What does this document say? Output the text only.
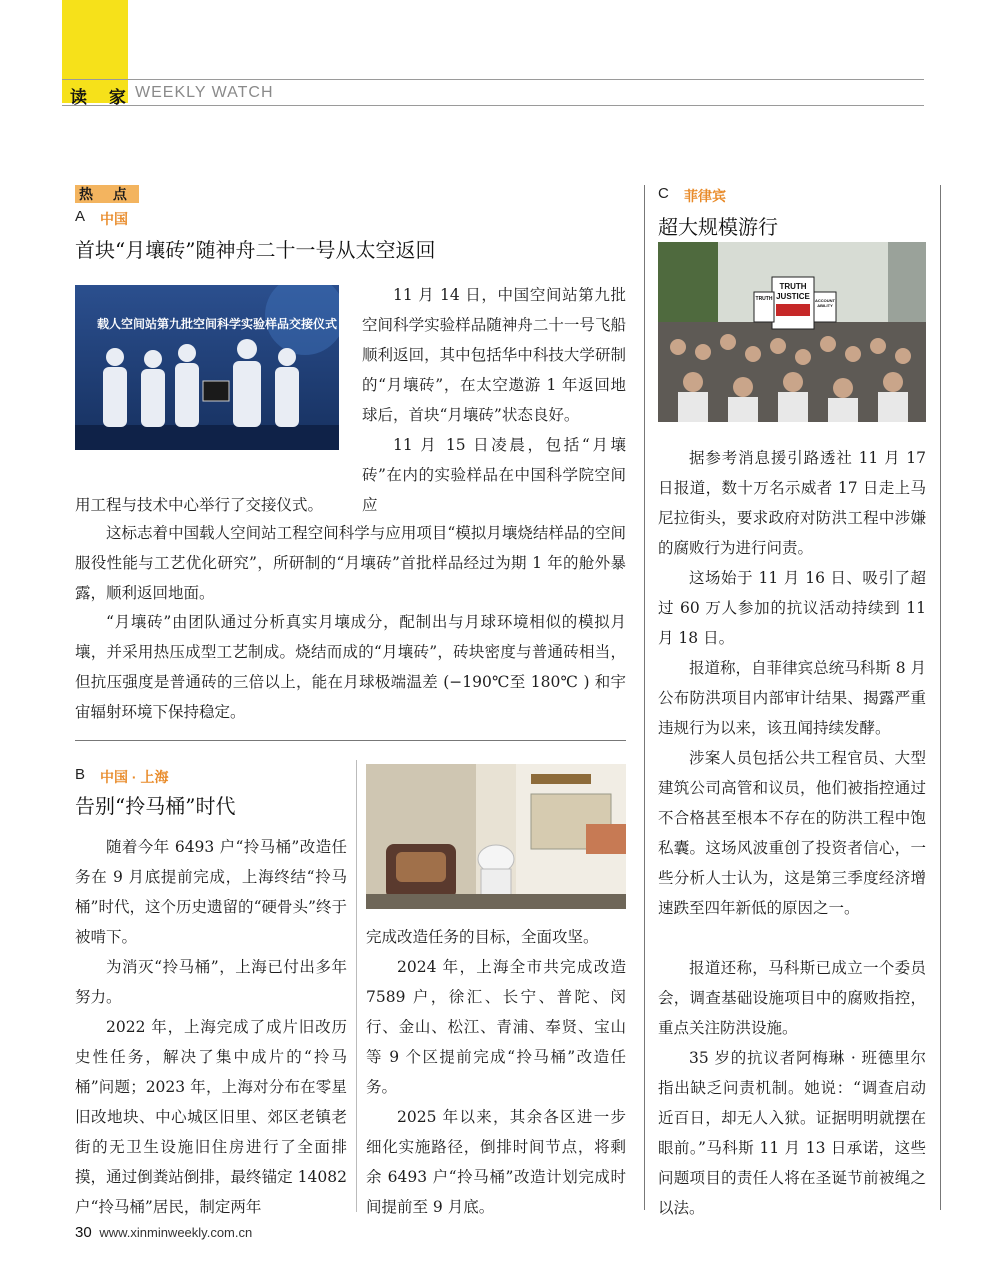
读 家 WEEKLY WATCH
热 点
A 中国
首块“月壤砖”随神舟二十一号从太空返回
载人空间站第九批空间科学实验样品交接仪式

11 月 14 日，中国空间站第九批空间科学实验样品随神舟二十一号飞船顺利返回，其中包括华中科技大学研制的“月壤砖”，在太空遨游 1 年返回地球后，首块“月壤砖”状态良好。

11 月 15 日凌晨，包括“月壤砖”在内的实验样品在中国科学院空间应

用工程与技术中心举行了交接仪式。

这标志着中国载人空间站工程空间科学与应用项目“模拟月壤烧结样品的空间服役性能与工艺优化研究”，所研制的“月壤砖”首批样品经过为期 1 年的舱外暴露，顺利返回地面。

“月壤砖”由团队通过分析真实月壤成分，配制出与月球环境相似的模拟月壤，并采用热压成型工艺制成。烧结而成的“月壤砖”，砖块密度与普通砖相当，但抗压强度是普通砖的三倍以上，能在月球极端温差 (−190℃至 180℃ ) 和宇宙辐射环境下保持稳定。

B 中国 · 上海
告别“拎马桶”时代

随着今年 6493 户“拎马桶”改造任务在 9 月底提前完成，上海终结“拎马桶”时代，这个历史遗留的“硬骨头”终于被啃下。

为消灭“拎马桶”，上海已付出多年努力。

2022 年，上海完成了成片旧改历史性任务，解决了集中成片的“拎马桶”问题；2023 年，上海对分布在零星旧改地块、中心城区旧里、郊区老镇老街的无卫生设施旧住房进行了全面排摸，通过倒粪站倒排，最终锚定 14082 户“拎马桶”居民，制定两年

完成改造任务的目标，全面攻坚。

2024 年，上海全市共完成改造 7589 户，徐汇、长宁、普陀、闵行、金山、松江、青浦、奉贤、宝山等 9 个区提前完成“拎马桶”改造任务。

2025 年以来，其余各区进一步细化实施路径，倒排时间节点，将剩余 6493 户“拎马桶”改造计划完成时间提前至 9 月底。

C 菲律宾
超大规模游行
TRUTH JUSTICE
TRUTH	ACCOUNTABILITY

据参考消息援引路透社 11 月 17 日报道，数十万名示威者 17 日走上马尼拉街头，要求政府对防洪工程中涉嫌的腐败行为进行问责。

这场始于 11 月 16 日、吸引了超过 60 万人参加的抗议活动持续到 11 月 18 日。

报道称，自菲律宾总统马科斯 8 月公布防洪项目内部审计结果、揭露严重违规行为以来，该丑闻持续发酵。

涉案人员包括公共工程官员、大型建筑公司高管和议员，他们被指控通过不合格甚至根本不存在的防洪工程中饱私囊。这场风波重创了投资者信心，一些分析人士认为，这是第三季度经济增速跌至四年新低的原因之一。

报道还称，马科斯已成立一个委员会，调查基础设施项目中的腐败指控，重点关注防洪设施。

35 岁的抗议者阿梅琳 · 班德里尔指出缺乏问责机制。她说：“调查启动近百日，却无人入狱。证据明明就摆在眼前。”马科斯 11 月 13 日承诺，这些问题项目的责任人将在圣诞节前被绳之以法。

30 www.xinminweekly.com.cn
